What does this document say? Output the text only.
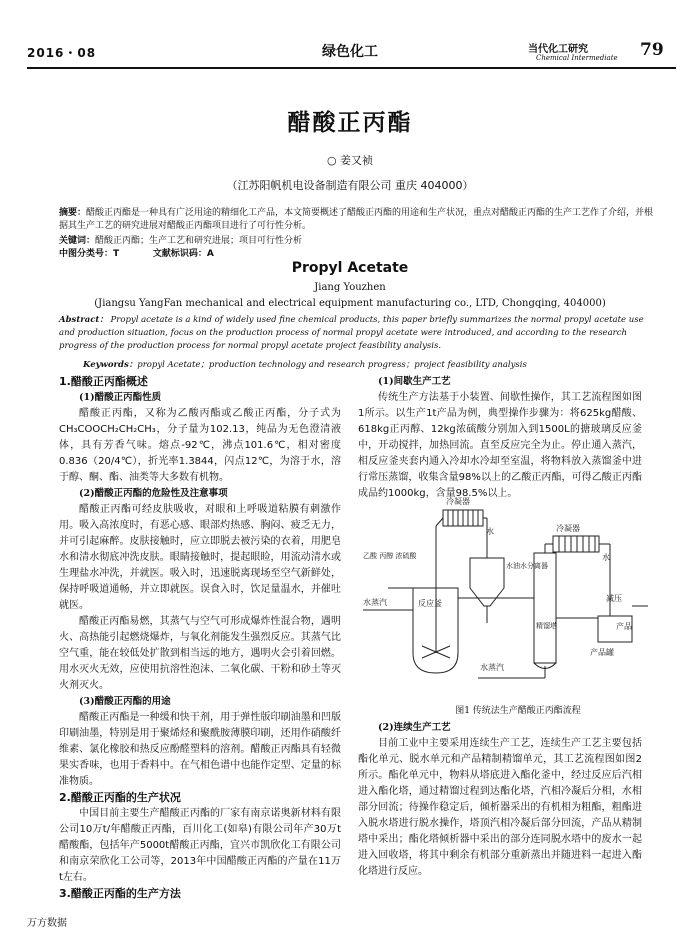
2016・08	绿色化工	当代化工研究
Chemical Intermediate 79
醋酸正丙酯
○ 姜又祯
（江苏阳帆机电设备制造有限公司 重庆 404000）
摘要：醋酸正丙酯是一种具有广泛用途的精细化工产品，本文简要概述了醋酸正丙酯的用途和生产状况，重点对醋酸正丙酯的生产工艺作了介绍，并根据其生产工艺的研究进展对醋酸正丙酯项目进行了可行性分析。
关键词：醋酸正丙酯；生产工艺和研究进展；项目可行性分析
中图分类号：T	文献标识码：A
Propyl Acetate
Jiang Youzhen
(Jiangsu YangFan mechanical and electrical equipment manufacturing co., LTD, Chongqing, 404000)
Abstract： Propyl acetate is a kind of widely used fine chemical products, this paper briefly summarizes the normal propyl acetate use and production situation, focus on the production process of normal propyl acetate were introduced, and according to the research progress of the production process for normal propyl acetate project feasibility analysis.
Keywords：propyl Acetate；production technology and research progress；project feasibility analysis
1.醋酸正丙酯概述
(1)醋酸正丙酯性质

醋酸正丙酯，又称为乙酸丙酯或乙酸正丙酯，分子式为CH₃COOCH₂CH₂CH₃，分子量为102.13，纯品为无色澄清液体，具有芳香气味。熔点-92℃，沸点101.6℃，相对密度0.836（20/4℃），折光率1.3844，闪点12℃，为溶于水，溶于醇、酮、酯、油类等大多数有机物。

(2)醋酸正丙酯的危险性及注意事项

醋酸正丙酯可经皮肤吸收，对眼和上呼吸道粘膜有刺激作用。吸入高浓度时，有恶心感、眼部灼热感、胸闷、疲乏无力，并可引起麻醉。皮肤接触时，应立即脱去被污染的衣着，用肥皂水和清水彻底冲洗皮肤。眼睛接触时，提起眼睑，用流动清水或生理盐水冲洗，并就医。吸入时，迅速脱离现场至空气新鲜处，保持呼吸道通畅，并立即就医。误食入时，饮足量温水，并催吐就医。

醋酸正丙酯易燃，其蒸气与空气可形成爆炸性混合物，遇明火、高热能引起燃烧爆炸，与氧化剂能发生强烈反应。其蒸气比空气重，能在较低处扩散到相当远的地方，遇明火会引着回燃。用水灭火无效，应使用抗溶性泡沫、二氧化碳、干粉和砂土等灭火剂灭火。

(3)醋酸正丙酯的用途

醋酸正丙酯是一种缓和快干剂，用于弹性版印刷油墨和凹版印刷油墨，特别是用于聚烯烃和聚酰胺薄膜印刷，还用作硝酸纤维素、氯化橡胶和热反应酚醛塑料的溶剂。醋酸正丙酯具有轻微果实香味，也用于香料中。在气相色谱中也能作定型、定量的标准物质。

2.醋酸正丙酯的生产状况

中国目前主要生产醋酸正丙酯的厂家有南京诺奥新材料有限公司10万t/年醋酸正丙酯，百川化工(如皋)有限公司年产30万t醋酸酯，包括年产5000t醋酸正丙酯，宜兴市凯欣化工有限公司和南京荣欣化工公司等，2013年中国醋酸正丙酯的产量在11万t左右。

3.醋酸正丙酯的生产方法
(1)间歇生产工艺

传统生产方法基于小装置、间歇性操作，其工艺流程图如图1所示。以生产1t产品为例，典型操作步骤为：将625kg醋酸、618kg正丙醇、12kg浓硫酸分别加入到1500L的搪玻璃反应釜中，开动搅拌，加热回流。直至反应完全为止。停止通入蒸汽，相反应釜夹套内通入冷却水冷却至室温，将物料放入蒸馏釜中进行常压蒸馏，收集含量98%以上的乙酸正丙酯，可得乙酸正丙酯成品约1000kg，含量98.5%以上。

冷凝器
冷凝器
水
水
乙酸 丙醇 浓硫酸
水蒸汽
水蒸汽
反应釜
水油水分离器
精馏塔
减压
产品
产品罐
图1 传统法生产醋酸正丙酯流程
(2)连续生产工艺

目前工业中主要采用连续生产工艺，连续生产工艺主要包括酯化单元、脱水单元和产品精制精馏单元，其工艺流程图如图2所示。酯化单元中，物料从塔底进入酯化釜中，经过反应后汽相进入酯化塔，通过精馏过程到达酯化塔，汽相冷凝后分相，水相部分回流；待操作稳定后，倾析器采出的有机相为粗酯，粗酯进入脱水塔进行脱水操作，塔顶汽相冷凝后部分回流，产品从精制塔中采出；酯化塔倾析器中采出的部分连同脱水塔中的废水一起进入回收塔，将其中剩余有机部分重新蒸出并随进料一起进入酯化塔进行反应。

万方数据
